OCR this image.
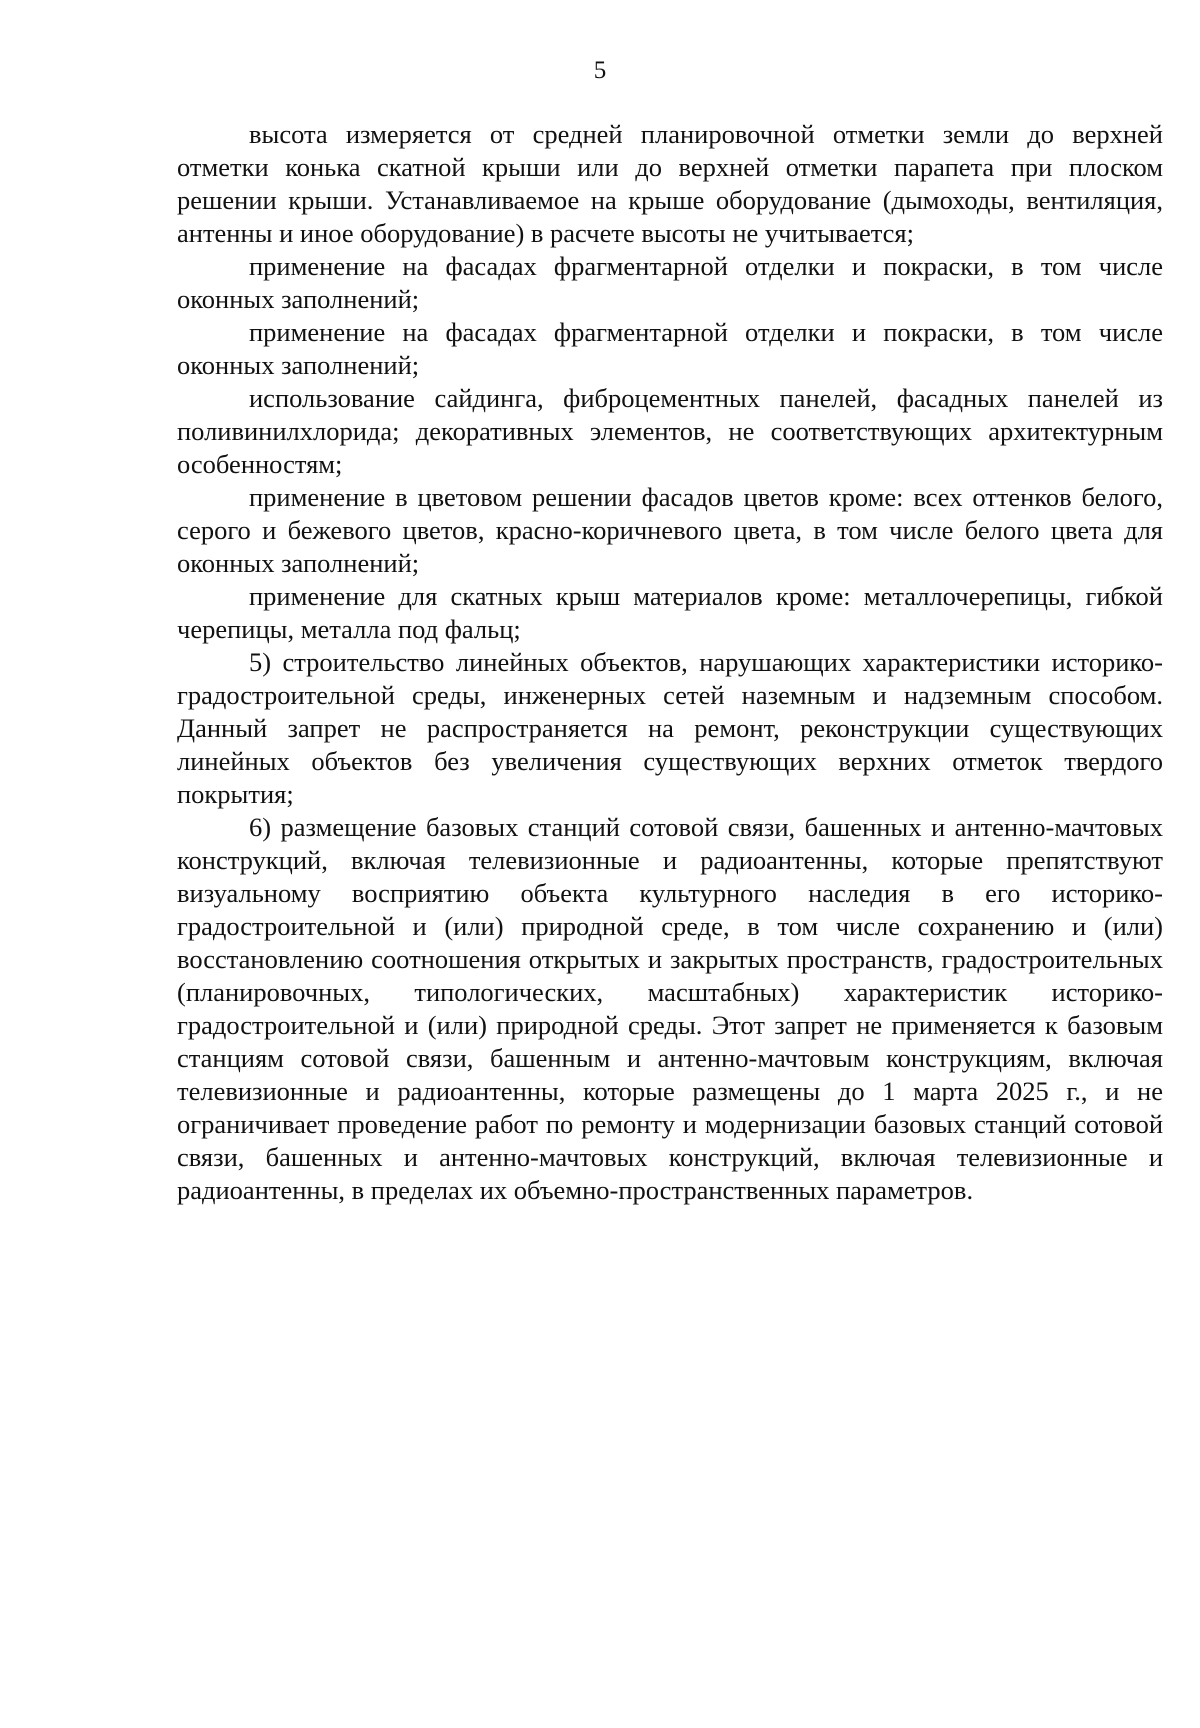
5

высота измеряется от средней планировочной отметки земли до верхней отметки конька скатной крыши или до верхней отметки парапета при плоском решении крыши. Устанавливаемое на крыше оборудование (дымоходы, вентиляция, антенны и иное оборудование) в расчете высоты не учитывается;

применение на фасадах фрагментарной отделки и покраски, в том числе оконных заполнений;

применение на фасадах фрагментарной отделки и покраски, в том числе оконных заполнений;

использование сайдинга, фиброцементных панелей, фасадных панелей из поливинилхлорида; декоративных элементов, не соответствующих архитектурным особенностям;

применение в цветовом решении фасадов цветов кроме: всех оттенков белого, серого и бежевого цветов, красно-коричневого цвета, в том числе белого цвета для оконных заполнений;

применение для скатных крыш материалов кроме: металлочерепицы, гибкой черепицы, металла под фальц;

5) строительство линейных объектов, нарушающих характеристики историко-градостроительной среды, инженерных сетей наземным и надземным способом. Данный запрет не распространяется на ремонт, реконструкции существующих линейных объектов без увеличения существующих верхних отметок твердого покрытия;

6) размещение базовых станций сотовой связи, башенных и антенно-мачтовых конструкций, включая телевизионные и радиоантенны, которые препятствуют визуальному восприятию объекта культурного наследия в его историко-градостроительной и (или) природной среде, в том числе сохранению и (или) восстановлению соотношения открытых и закрытых пространств, градостроительных (планировочных, типологических, масштабных) характеристик историко-градостроительной и (или) природной среды. Этот запрет не применяется к базовым станциям сотовой связи, башенным и антенно-мачтовым конструкциям, включая телевизионные и радиоантенны, которые размещены до 1 марта 2025 г., и не ограничивает проведение работ по ремонту и модернизации базовых станций сотовой связи, башенных и антенно-мачтовых конструкций, включая телевизионные и радиоантенны, в пределах их объемно-пространственных параметров.
